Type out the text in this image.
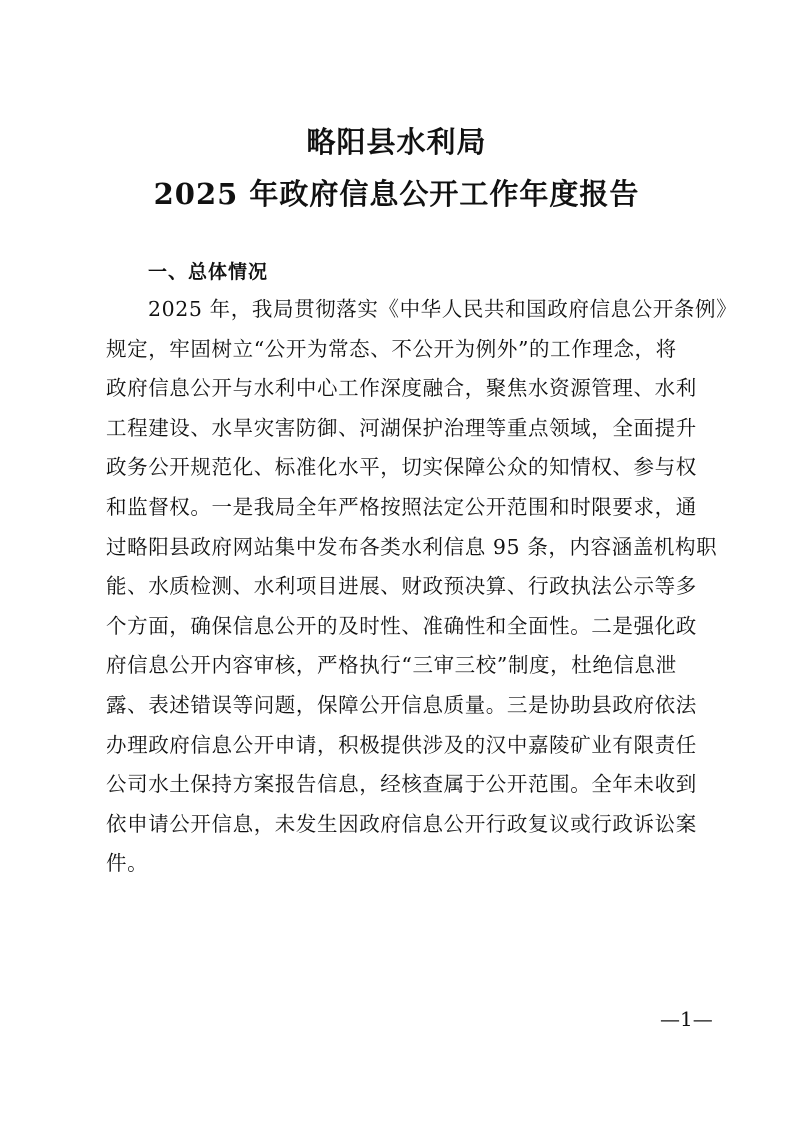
略阳县水利局
2025 年政府信息公开工作年度报告
一、总体情况
2025 年，我局贯彻落实《中华人民共和国政府信息公开条例》
规定，牢固树立“公开为常态、不公开为例外”的工作理念，将
政府信息公开与水利中心工作深度融合，聚焦水资源管理、水利
工程建设、水旱灾害防御、河湖保护治理等重点领域，全面提升
政务公开规范化、标准化水平，切实保障公众的知情权、参与权
和监督权。一是我局全年严格按照法定公开范围和时限要求，通
过略阳县政府网站集中发布各类水利信息 95 条，内容涵盖机构职
能、水质检测、水利项目进展、财政预决算、行政执法公示等多
个方面，确保信息公开的及时性、准确性和全面性。二是强化政
府信息公开内容审核，严格执行“三审三校”制度，杜绝信息泄
露、表述错误等问题，保障公开信息质量。三是协助县政府依法
办理政府信息公开申请，积极提供涉及的汉中嘉陵矿业有限责任
公司水土保持方案报告信息，经核查属于公开范围。全年未收到
依申请公开信息，未发生因政府信息公开行政复议或行政诉讼案
件。
—1—
